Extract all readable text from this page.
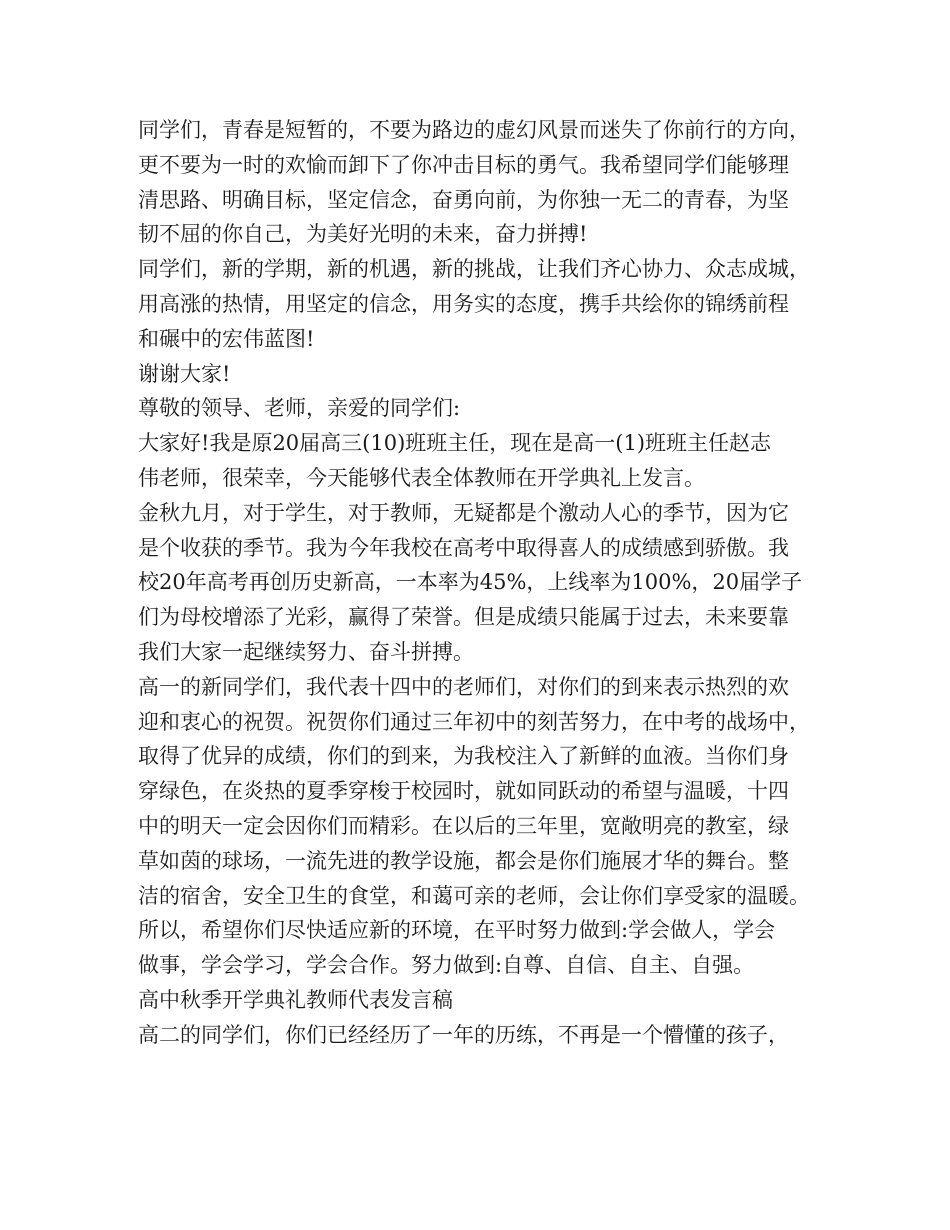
同学们，青春是短暂的，不要为路边的虚幻风景而迷失了你前行的方向，

更不要为一时的欢愉而卸下了你冲击目标的勇气。我希望同学们能够理

清思路、明确目标，坚定信念，奋勇向前，为你独一无二的青春，为坚

韧不屈的你自己，为美好光明的未来，奋力拼搏!

同学们，新的学期，新的机遇，新的挑战，让我们齐心协力、众志成城，

用高涨的热情，用坚定的信念，用务实的态度，携手共绘你的锦绣前程

和碾中的宏伟蓝图!

谢谢大家!

尊敬的领导、老师，亲爱的同学们:

大家好!我是原20届高三(10)班班主任，现在是高一(1)班班主任赵志

伟老师，很荣幸，今天能够代表全体教师在开学典礼上发言。

金秋九月，对于学生，对于教师，无疑都是个激动人心的季节，因为它

是个收获的季节。我为今年我校在高考中取得喜人的成绩感到骄傲。我

校20年高考再创历史新高，一本率为45%，上线率为100%，20届学子

们为母校增添了光彩，赢得了荣誉。但是成绩只能属于过去，未来要靠

我们大家一起继续努力、奋斗拼搏。

高一的新同学们，我代表十四中的老师们，对你们的到来表示热烈的欢

迎和衷心的祝贺。祝贺你们通过三年初中的刻苦努力，在中考的战场中，

取得了优异的成绩，你们的到来，为我校注入了新鲜的血液。当你们身

穿绿色，在炎热的夏季穿梭于校园时，就如同跃动的希望与温暖，十四

中的明天一定会因你们而精彩。在以后的三年里，宽敞明亮的教室，绿

草如茵的球场，一流先进的教学设施，都会是你们施展才华的舞台。整

洁的宿舍，安全卫生的食堂，和蔼可亲的老师，会让你们享受家的温暖。

所以，希望你们尽快适应新的环境，在平时努力做到:学会做人，学会

做事，学会学习，学会合作。努力做到:自尊、自信、自主、自强。

高中秋季开学典礼教师代表发言稿

高二的同学们，你们已经经历了一年的历练，不再是一个懵懂的孩子，
